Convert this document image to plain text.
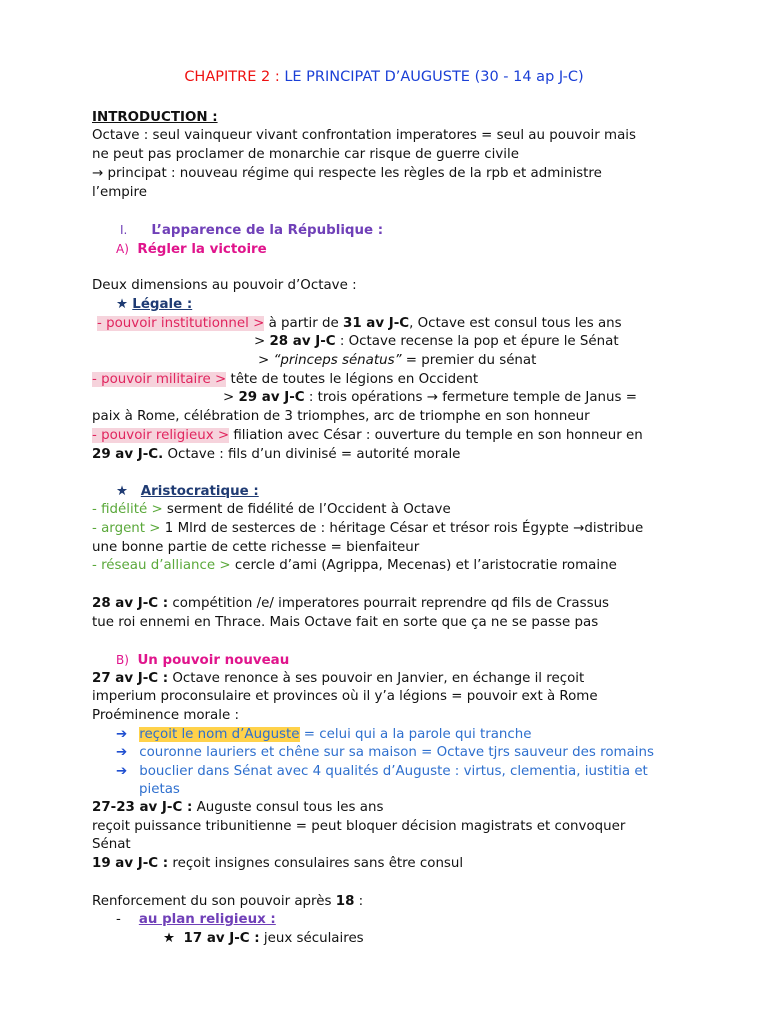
CHAPITRE 2 : LE PRINCIPAT D’AUGUSTE (30 - 14 ap J-C)
INTRODUCTION :
Octave : seul vainqueur vivant confrontation imperatores = seul au pouvoir mais
ne peut pas proclamer de monarchie car risque de guerre civile
→ principat : nouveau régime qui respecte les règles de la rpb et administre
l’empire
I. L’apparence de la République :
A) Régler la victoire
Deux dimensions au pouvoir d’Octave :
★ Légale :
- pouvoir institutionnel > à partir de 31 av J-C, Octave est consul tous les ans
> 28 av J-C : Octave recense la pop et épure le Sénat
> “princeps sénatus” = premier du sénat
- pouvoir militaire > tête de toutes le légions en Occident
> 29 av J-C : trois opérations → fermeture temple de Janus =
paix à Rome, célébration de 3 triomphes, arc de triomphe en son honneur
- pouvoir religieux > filiation avec César : ouverture du temple en son honneur en
29 av J-C. Octave : fils d’un divinisé = autorité morale
★ Aristocratique :
- fidélité > serment de fidélité de l’Occident à Octave
- argent > 1 Mlrd de sesterces de : héritage César et trésor rois Égypte →distribue
une bonne partie de cette richesse = bienfaiteur
- réseau d’alliance > cercle d’ami (Agrippa, Mecenas) et l’aristocratie romaine
28 av J-C : compétition /e/ imperatores pourrait reprendre qd fils de Crassus
tue roi ennemi en Thrace. Mais Octave fait en sorte que ça ne se passe pas
B) Un pouvoir nouveau
27 av J-C : Octave renonce à ses pouvoir en Janvier, en échange il reçoit
imperium proconsulaire et provinces où il y’a légions = pouvoir ext à Rome
Proéminence morale :
➔ reçoit le nom d’Auguste = celui qui a la parole qui tranche
➔ couronne lauriers et chêne sur sa maison = Octave tjrs sauveur des romains
➔ bouclier dans Sénat avec 4 qualités d’Auguste : virtus, clementia, iustitia et
pietas
27-23 av J-C : Auguste consul tous les ans
reçoit puissance tribunitienne = peut bloquer décision magistrats et convoquer
Sénat
19 av J-C : reçoit insignes consulaires sans être consul
Renforcement du son pouvoir après 18 :
- au plan religieux :
★ 17 av J-C : jeux séculaires
